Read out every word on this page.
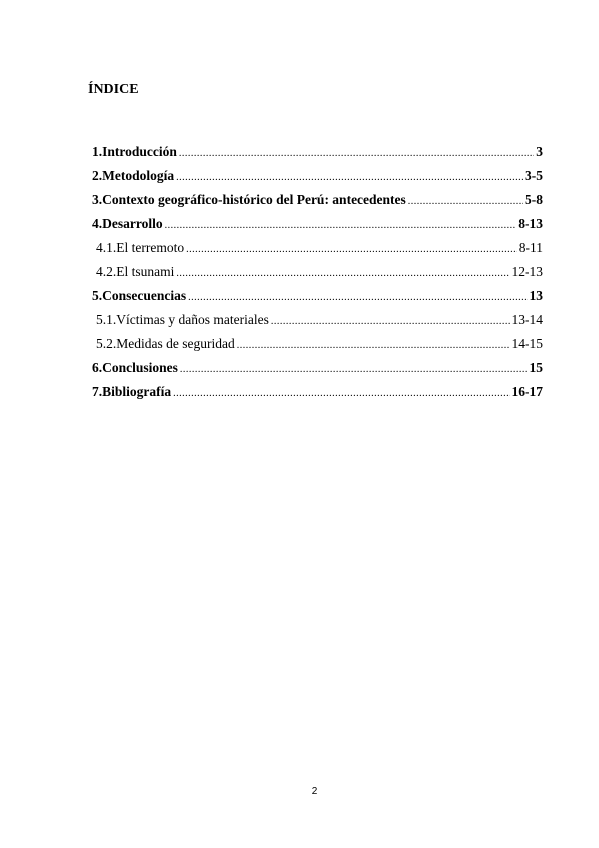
ÍNDICE
1. Introducción .....	3
2. Metodología .....	3-5
3. Contexto geográfico-histórico del Perú: antecedentes .....	5-8
4. Desarrollo .....	8-13
4.1. El terremoto .....	8-11
4.2. El tsunami .....	12-13
5. Consecuencias .....	13
5.1. Víctimas y daños materiales .....	13-14
5.2. Medidas de seguridad .....	14-15
6. Conclusiones .....	15
7. Bibliografía .....	16-17
2
